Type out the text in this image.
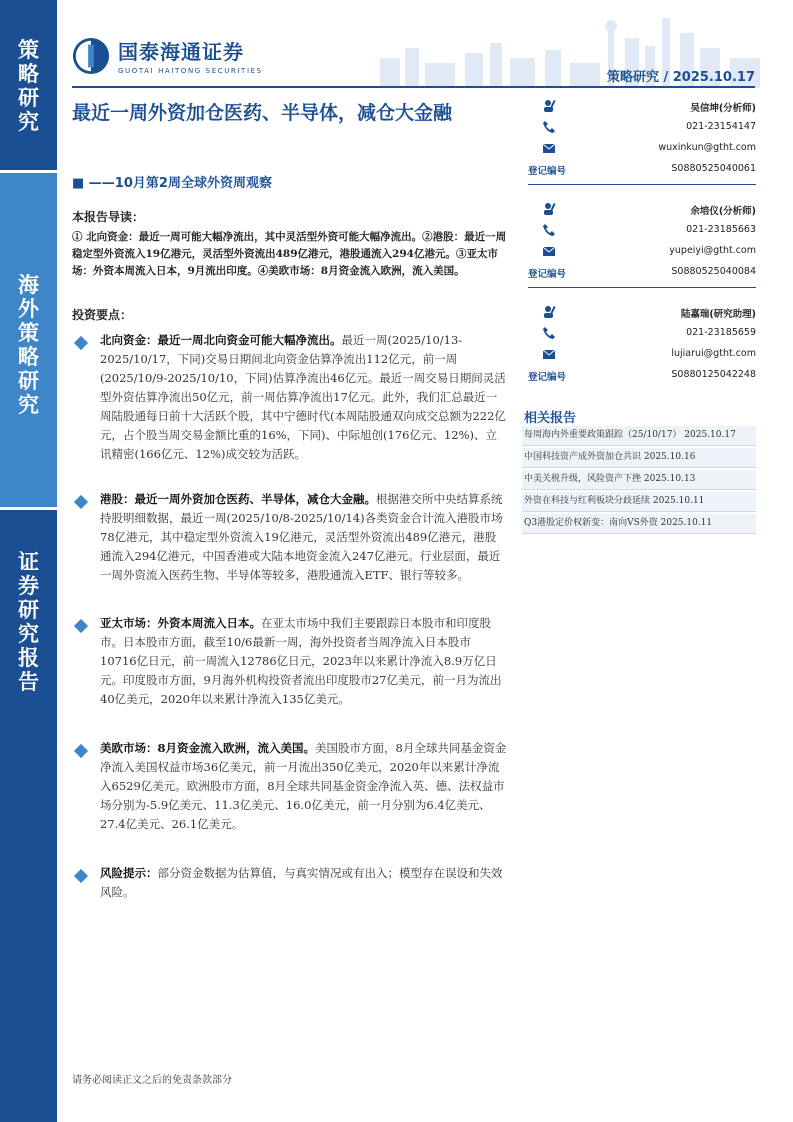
策
略
研
究
海
外
策
略
研
究
证
券
研
究
报
告
国泰海通证券
GUOTAI HAITONG SECURITIES	策略研究 / 2025.10.17
最近一周外资加仓医药、半导体，减仓大金融
■ ——10月第2周全球外资周观察
本报告导读：
① 北向资金：最近一周可能大幅净流出，其中灵活型外资可能大幅净流出。②港股：最近一周稳定型外资流入19亿港元，灵活型外资流出489亿港元，港股通流入294亿港元。③亚太市场：外资本周流入日本，9月流出印度。④美欧市场：8月资金流入欧洲，流入美国。
投资要点：
北向资金：最近一周北向资金可能大幅净流出。最近一周(2025/10/13-2025/10/17，下同)交易日期间北向资金估算净流出112亿元，前一周(2025/10/9-2025/10/10，下同)估算净流出46亿元。最近一周交易日期间灵活型外资估算净流出50亿元，前一周估算净流出17亿元。此外，我们汇总最近一周陆股通每日前十大活跃个股，其中宁德时代(本周陆股通双向成交总额为222亿元，占个股当周交易金额比重的16%，下同)、中际旭创(176亿元、12%)、立讯精密(166亿元、12%)成交较为活跃。
港股：最近一周外资加仓医药、半导体，减仓大金融。根据港交所中央结算系统持股明细数据，最近一周(2025/10/8-2025/10/14)各类资金合计流入港股市场78亿港元，其中稳定型外资流入19亿港元，灵活型外资流出489亿港元，港股通流入294亿港元，中国香港或大陆本地资金流入247亿港元。行业层面，最近一周外资流入医药生物、半导体等较多，港股通流入ETF、银行等较多。
亚太市场：外资本周流入日本。在亚太市场中我们主要跟踪日本股市和印度股市。日本股市方面，截至10/6最新一周，海外投资者当周净流入日本股市10716亿日元，前一周流入12786亿日元，2023年以来累计净流入8.9万亿日元。印度股市方面，9月海外机构投资者流出印度股市27亿美元，前一月为流出40亿美元，2020年以来累计净流入135亿美元。
美欧市场：8月资金流入欧洲，流入美国。美国股市方面，8月全球共同基金资金净流入美国权益市场36亿美元，前一月流出350亿美元，2020年以来累计净流入6529亿美元。欧洲股市方面，8月全球共同基金资金净流入英、德、法权益市场分别为-5.9亿美元、11.3亿美元、16.0亿美元，前一月分别为6.4亿美元、27.4亿美元、26.1亿美元。
风险提示：部分资金数据为估算值，与真实情况或有出入；模型存在误设和失效风险。
吴信坤(分析师)
021-23154147
wuxinkun@gtht.com
登记编号	S0880525040061
余培仪(分析师)
021-23185663
yupeiyi@gtht.com
登记编号	S0880525040084
陆嘉瑞(研究助理)
021-23185659
lujiarui@gtht.com
登记编号	S0880125042248
相关报告
每周海内外重要政策跟踪（25/10/17） 2025.10.17
中国科技资产成外资加仓共识 2025.10.16
中美关税升级，风险资产下挫 2025.10.13
外资在科技与红利板块分歧延续 2025.10.11
Q3港股定价权新变：南向VS外资 2025.10.11
请务必阅读正文之后的免责条款部分
